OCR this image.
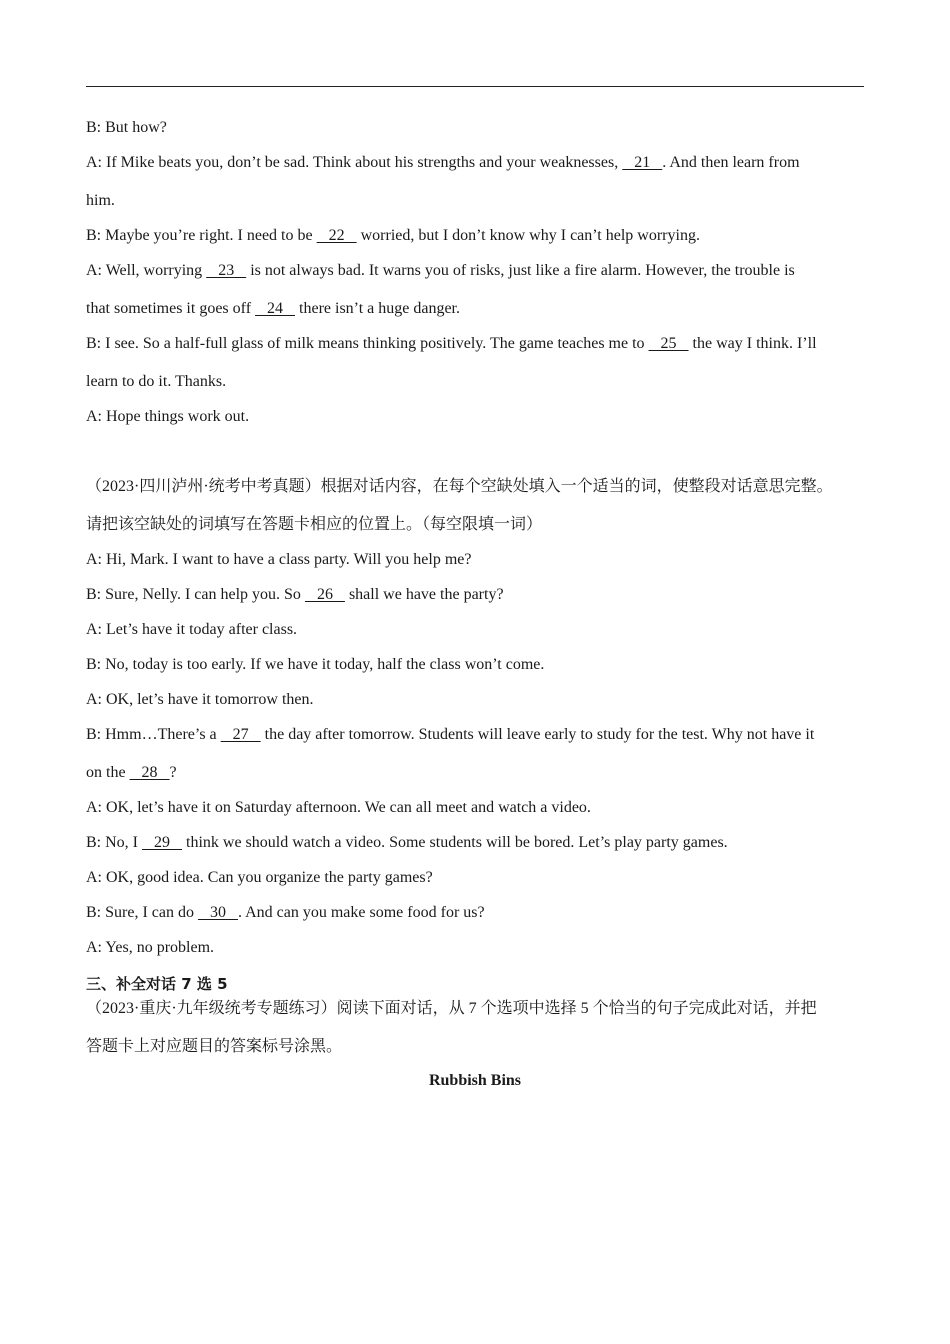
B: But how?
A: If Mike beats you, don’t be sad. Think about his strengths and your weaknesses,    21   . And then learn from
him.
B: Maybe you’re right. I need to be    22    worried, but I don’t know why I can’t help worrying.
A: Well, worrying    23    is not always bad. It warns you of risks, just like a fire alarm. However, the trouble is
that sometimes it goes off    24    there isn’t a huge danger.
B: I see. So a half-full glass of milk means thinking positively. The game teaches me to    25    the way I think. I’ll
learn to do it. Thanks.
A: Hope things work out.
（2023·四川泸州·统考中考真题）根据对话内容，在每个空缺处填入一个适当的词，使整段对话意思完整。
请把该空缺处的词填写在答题卡相应的位置上。（每空限填一词）
A: Hi, Mark. I want to have a class party. Will you help me?
B: Sure, Nelly. I can help you. So    26    shall we have the party?
A: Let’s have it today after class.
B: No, today is too early. If we have it today, half the class won’t come.
A: OK, let’s have it tomorrow then.
B: Hmm…There’s a    27    the day after tomorrow. Students will leave early to study for the test. Why not have it
on the    28   ?
A: OK, let’s have it on Saturday afternoon. We can all meet and watch a video.
B: No, I    29    think we should watch a video. Some students will be bored. Let’s play party games.
A: OK, good idea. Can you organize the party games?
B: Sure, I can do    30   . And can you make some food for us?
A: Yes, no problem.
三、补全对话 7 选 5
（2023·重庆·九年级统考专题练习）阅读下面对话，从 7 个选项中选择 5 个恰当的句子完成此对话，并把
答题卡上对应题目的答案标号涂黑。
Rubbish Bins
